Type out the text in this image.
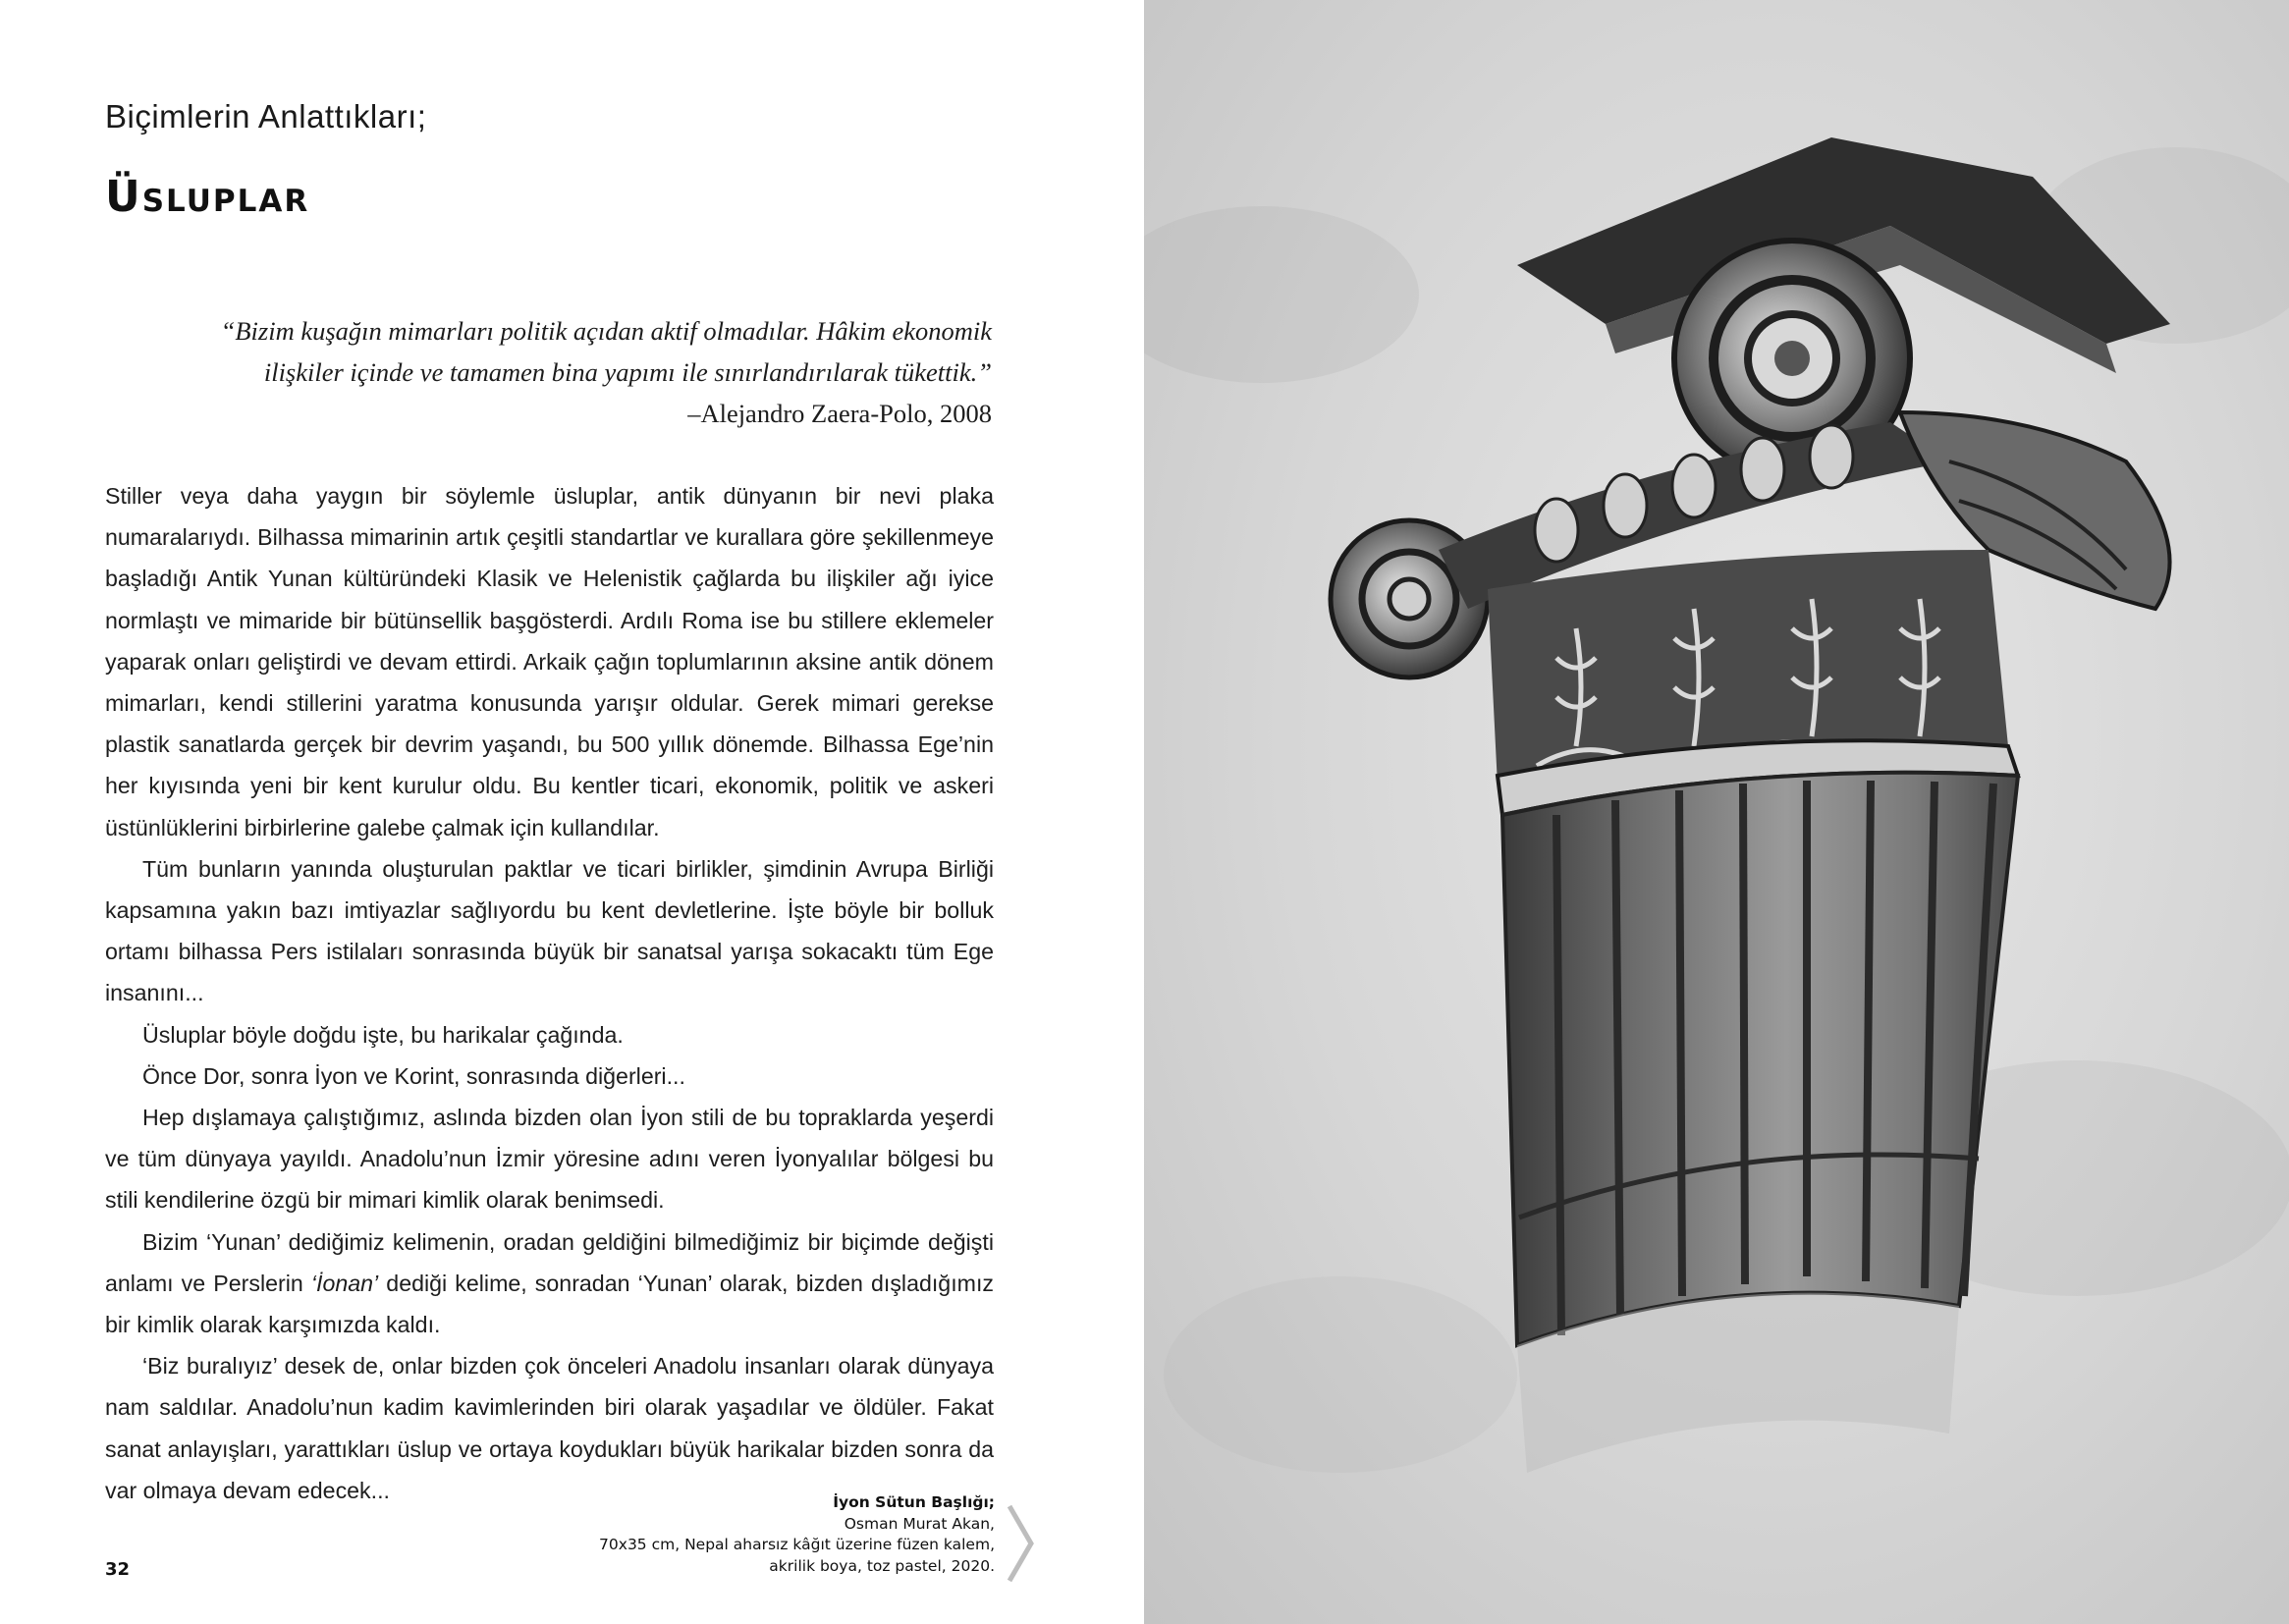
Biçimlerin Anlattıkları;
Üsluplar
“Bizim kuşağın mimarları politik açıdan aktif olmadılar. Hâkim ekonomik
ilişkiler içinde ve tamamen bina yapımı ile sınırlandırılarak tükettik.”
–Alejandro Zaera-Polo, 2008

Stiller veya daha yaygın bir söylemle üsluplar, antik dünyanın bir nevi plaka numaralarıydı. Bilhassa mimarinin artık çeşitli standartlar ve kurallara göre şekillenmeye başladığı Antik Yunan kültüründeki Klasik ve Helenistik çağlarda bu ilişkiler ağı iyice normlaştı ve mimaride bir bütünsellik başgösterdi. Ardılı Roma ise bu stillere eklemeler yaparak onları geliştirdi ve devam ettirdi. Arkaik çağın toplumlarının aksine antik dönem mimarları, kendi stillerini yaratma konusunda yarışır oldular. Gerek mimari gerekse plastik sanatlarda gerçek bir devrim yaşandı, bu 500 yıllık dönemde. Bilhassa Ege’nin her kıyısında yeni bir kent kurulur oldu. Bu kentler ticari, ekonomik, politik ve askeri üstünlüklerini birbirlerine galebe çalmak için kullandılar.

Tüm bunların yanında oluşturulan paktlar ve ticari birlikler, şimdinin Avrupa Birliği kapsamına yakın bazı imtiyazlar sağlıyordu bu kent devletlerine. İşte böyle bir bolluk ortamı bilhassa Pers istilaları sonrasında büyük bir sanatsal yarışa sokacaktı tüm Ege insanını...

Üsluplar böyle doğdu işte, bu harikalar çağında.

Önce Dor, sonra İyon ve Korint, sonrasında diğerleri...

Hep dışlamaya çalıştığımız, aslında bizden olan İyon stili de bu topraklarda yeşerdi ve tüm dünyaya yayıldı. Anadolu’nun İzmir yöresine adını veren İyonyalılar bölgesi bu stili kendilerine özgü bir mimari kimlik olarak benimsedi.

Bizim ‘Yunan’ dediğimiz kelimenin, oradan geldiğini bilmediğimiz bir biçimde değişti anlamı ve Perslerin ‘İonan’ dediği kelime, sonradan ‘Yunan’ olarak, bizden dışladığımız bir kimlik olarak karşımızda kaldı.

‘Biz buralıyız’ desek de, onlar bizden çok önceleri Anadolu insanları olarak dünyaya nam saldılar. Anadolu’nun kadim kavimlerinden biri olarak yaşadılar ve öldüler. Fakat sanat anlayışları, yarattıkları üslup ve ortaya koydukları büyük harikalar bizden sonra da var olmaya devam edecek...	İyon Sütun Başlığı;
Osman Murat Akan,
70x35 cm, Nepal aharsız kâğıt üzerine füzen kalem,
akrilik boya, toz pastel, 2020.
32
